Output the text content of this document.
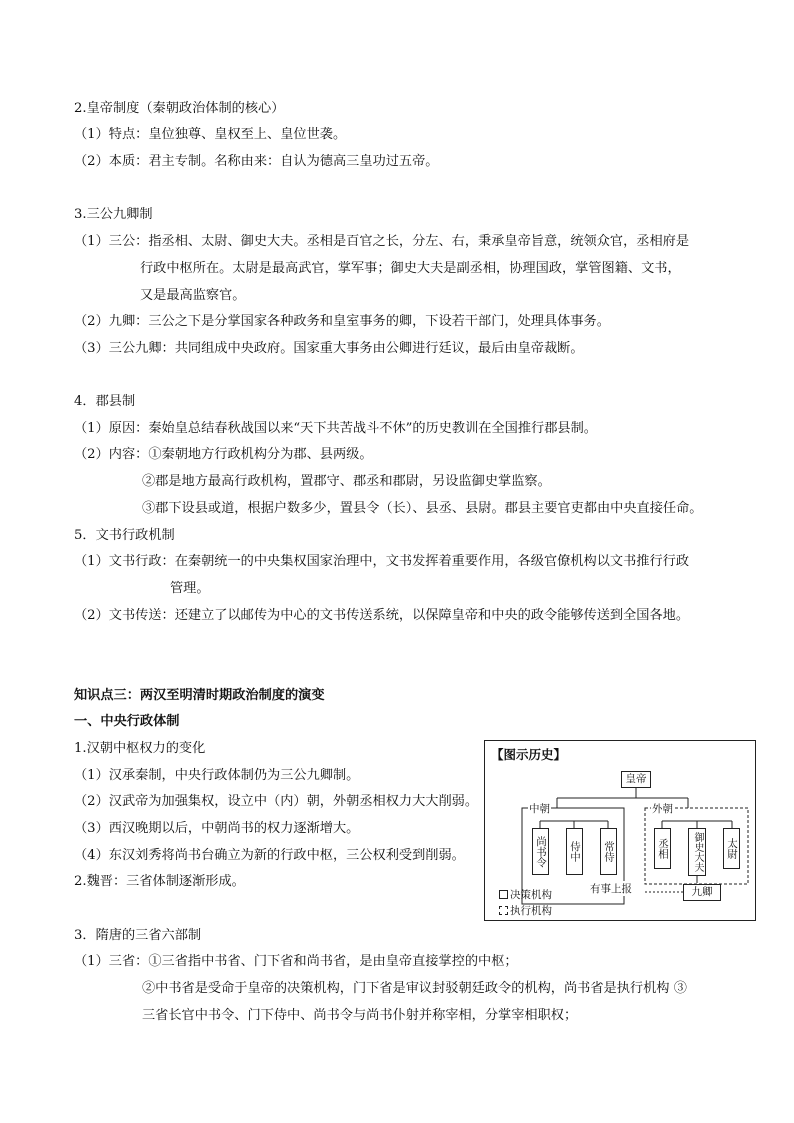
2.皇帝制度（秦朝政治体制的核心）
（1）特点：皇位独尊、皇权至上、皇位世袭。
（2）本质：君主专制。名称由来：自认为德高三皇功过五帝。
3.三公九卿制
（1）三公：指丞相、太尉、御史大夫。丞相是百官之长，分左、右，秉承皇帝旨意，统领众官，丞相府是
行政中枢所在。太尉是最高武官，掌军事；御史大夫是副丞相，协理国政，掌管图籍、文书，
又是最高监察官。
（2）九卿：三公之下是分掌国家各种政务和皇室事务的卿，下设若干部门，处理具体事务。
（3）三公九卿：共同组成中央政府。国家重大事务由公卿进行廷议，最后由皇帝裁断。
4．郡县制
（1）原因：秦始皇总结春秋战国以来“天下共苦战斗不休”的历史教训在全国推行郡县制。
（2）内容：①秦朝地方行政机构分为郡、县两级。
②郡是地方最高行政机构，置郡守、郡丞和郡尉，另设监御史掌监察。
③郡下设县或道，根据户数多少，置县令（长）、县丞、县尉。郡县主要官吏都由中央直接任命。
5．文书行政机制
（1）文书行政：在秦朝统一的中央集权国家治理中，文书发挥着重要作用，各级官僚机构以文书推行行政
管理。
（2）文书传送：还建立了以邮传为中心的文书传送系统，以保障皇帝和中央的政令能够传送到全国各地。
知识点三：两汉至明清时期政治制度的演变
一、中央行政体制
1.汉朝中枢权力的变化
（1）汉承秦制，中央行政体制仍为三公九卿制。
（2）汉武帝为加强集权，设立中（内）朝，外朝丞相权力大大削弱。
（3）西汉晚期以后，中朝尚书的权力逐渐增大。
（4）东汉刘秀将尚书台确立为新的行政中枢，三公权利受到削弱。
2.魏晋：三省体制逐渐形成。
3．隋唐的三省六部制
（1）三省：①三省指中书省、门下省和尚书省，是由皇帝直接掌控的中枢；
②中书省是受命于皇帝的决策机构，门下省是审议封驳朝廷政令的机构，尚书省是执行机构 ③
三省长官中书令、门下侍中、尚书令与尚书仆射并称宰相，分掌宰相职权；
【图示历史】
皇帝
中朝	外朝
尚书令 侍中 常侍	丞相	御史大夫 太尉
有事上报	九卿
决策机构
执行机构
